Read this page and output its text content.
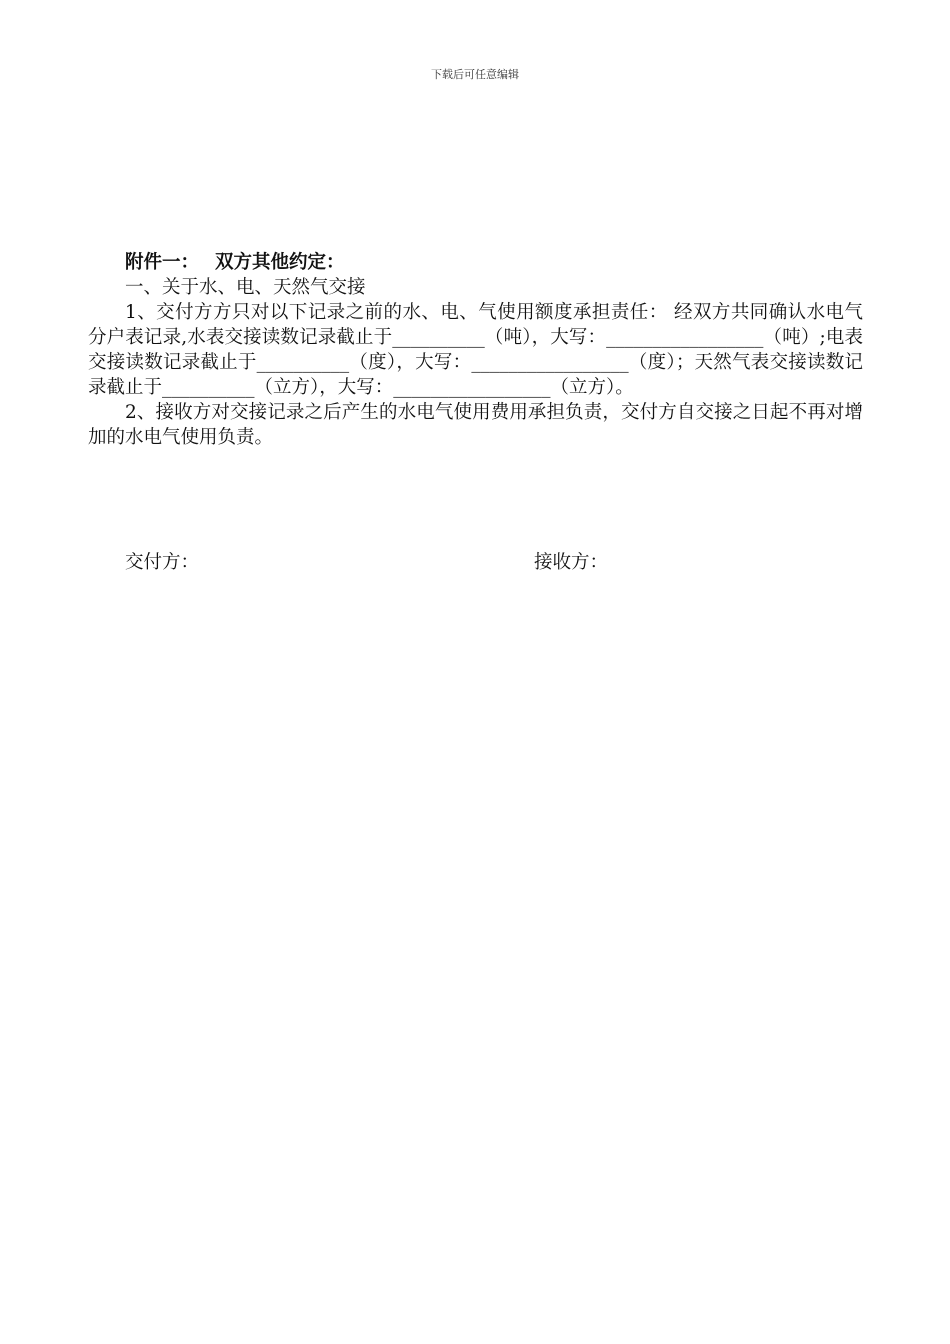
下载后可任意编辑

附件一： 双方其他约定：

一、关于水、电、天然气交接

1、交付方方只对以下记录之前的水、电、气使用额度承担责任： 经双方共同确认水电气分户表记录,水表交接读数记录截止于__________（吨），大写：_________________（吨）;电表交接读数记录截止于__________（度），大写：_________________（度）；天然气表交接读数记录截止于__________（立方），大写：_________________（立方）。

2、接收方对交接记录之后产生的水电气使用费用承担负责，交付方自交接之日起不再对增加的水电气使用负责。

交付方：	接收方：
